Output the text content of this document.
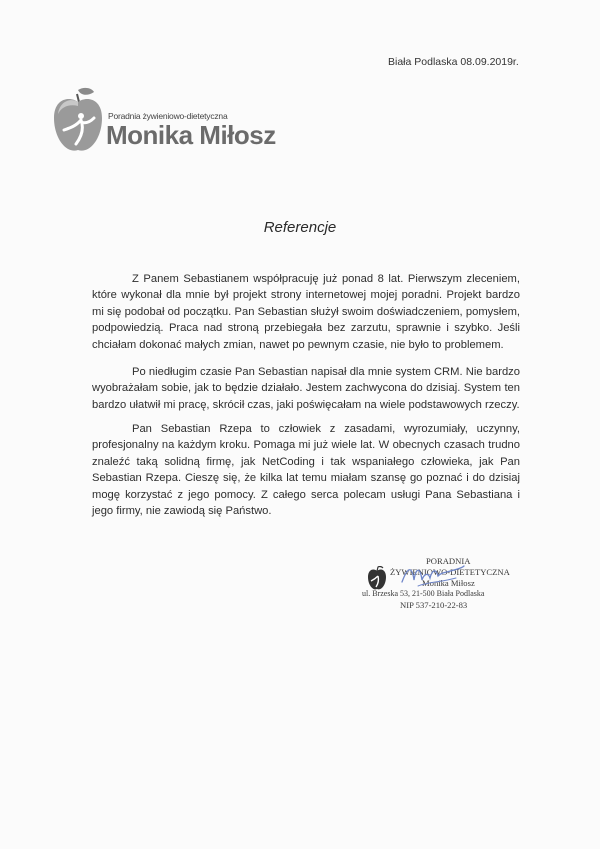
Biała Podlaska 08.09.2019r.
Poradnia żywieniowo-dietetyczna
Monika Miłosz
Referencje

Z Panem Sebastianem współpracuję już ponad 8 lat. Pierwszym zleceniem, które wykonał dla mnie był projekt strony internetowej mojej poradni. Projekt bardzo mi się podobał od początku. Pan Sebastian służył swoim doświadczeniem, pomysłem, podpowiedzią. Praca nad stroną przebiegała bez zarzutu, sprawnie i szybko. Jeśli chciałam dokonać małych zmian, nawet po pewnym czasie, nie było to problemem.

Po niedługim czasie Pan Sebastian napisał dla mnie system CRM. Nie bardzo wyobrażałam sobie, jak to będzie działało. Jestem zachwycona do dzisiaj. System ten bardzo ułatwił mi pracę, skrócił czas, jaki poświęcałam na wiele podstawowych rzeczy.

Pan Sebastian Rzepa to człowiek z zasadami, wyrozumiały, uczynny, profesjonalny na każdym kroku. Pomaga mi już wiele lat. W obecnych czasach trudno znaleźć taką solidną firmę, jak NetCoding i tak wspaniałego człowieka, jak Pan Sebastian Rzepa. Cieszę się, że kilka lat temu miałam szansę go poznać i do dzisiaj mogę korzystać z jego pomocy. Z całego serca polecam usługi Pana Sebastiana i jego firmy, nie zawiodą się Państwo.

PORADNIA
ŻYWIENIOWO-DIETETYCZNA
Monika Miłosz
ul. Brzeska 53, 21-500 Biała Podlaska
NIP 537-210-22-83
